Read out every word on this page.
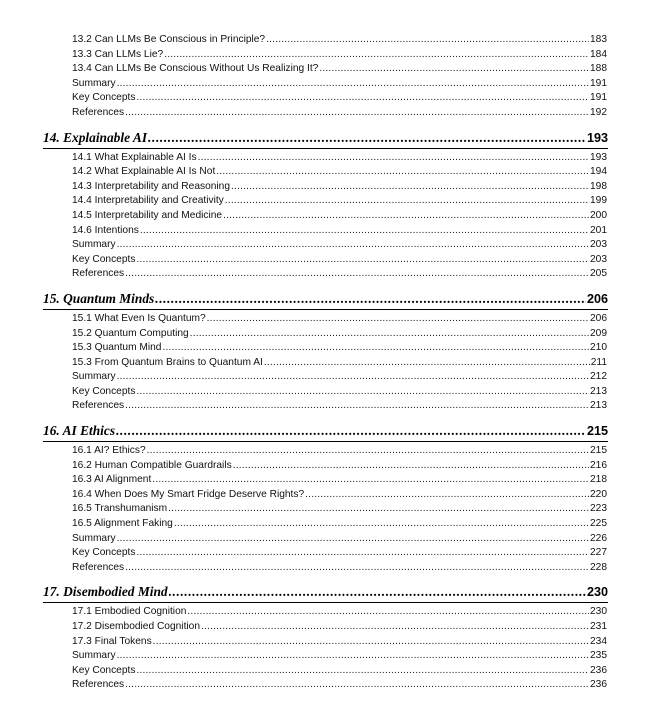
13.2 Can LLMs Be Conscious in Principle? .....	183
13.3 Can LLMs Lie? .....	184
13.4 Can LLMs Be Conscious Without Us Realizing It? .....	188
Summary .....	191
Key Concepts .....	191
References .....	192
14. Explainable AI .....	193
14.1 What Explainable AI Is .....	193
14.2 What Explainable AI Is Not .....	194
14.3 Interpretability and Reasoning .....	198
14.4 Interpretability and Creativity .....	199
14.5 Interpretability and Medicine .....	200
14.6 Intentions .....	201
Summary .....	203
Key Concepts .....	203
References .....	205
15. Quantum Minds .....	206
15.1 What Even Is Quantum? .....	206
15.2 Quantum Computing .....	209
15.3 Quantum Mind .....	210
15.3 From Quantum Brains to Quantum AI .....	211
Summary .....	212
Key Concepts .....	213
References .....	213
16. AI Ethics .....	215
16.1 AI? Ethics? .....	215
16.2 Human Compatible Guardrails .....	216
16.3 AI Alignment .....	218
16.4 When Does My Smart Fridge Deserve Rights? .....	220
16.5 Transhumanism .....	223
16.5 Alignment Faking .....	225
Summary .....	226
Key Concepts .....	227
References .....	228
17. Disembodied Mind .....	230
17.1 Embodied Cognition .....	230
17.2 Disembodied Cognition .....	231
17.3 Final Tokens .....	234
Summary .....	235
Key Concepts .....	236
References .....	236
